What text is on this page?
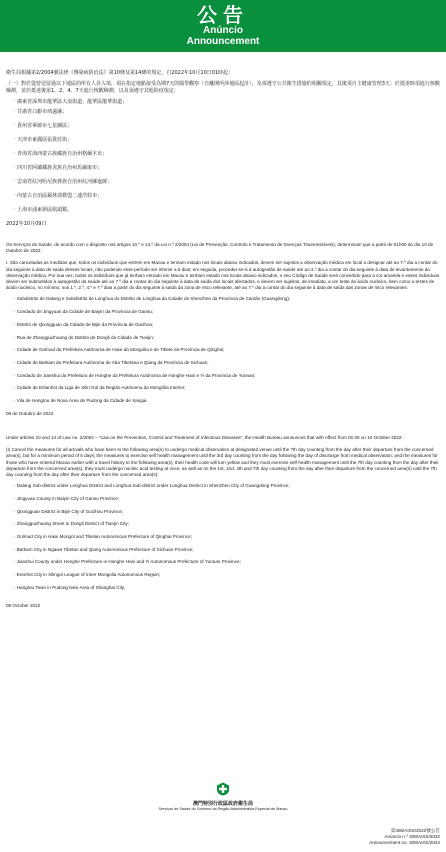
公告
Anúncio
Announcement

衛生局根據第2/2004號法律《傳染病防治法》第10條及第14條的規定，自2022年10月10日01時起：

（一）對於從曾逗留過以下地區的所有人員入境，須在指定地點接受為期7天的醫學觀察（自離開所涉地區起計），及須遵守公共衛生措施的相關規定，其後須自主健康管理3天；於抵達時須進行核酸檢測，並於抵達後第1、2、4、7天進行核酸檢測，以及須遵守其他防疫規定：

‧ 廣東省深圳市龍華區大浪街道、龍華區龍華街道；
‧ 甘肅省白銀市靖遠縣；
‧ 貴州省畢節市七星關區；
‧ 天津市東麗區張貴莊街；
‧ 青海省海西蒙古族藏族自治州格爾木市；
‧ 四川省阿壩藏族羌族自治州馬爾康市；
‧ 雲南省紅河哈尼族彝族自治州紅河縣迤薩；
‧ 內蒙古自治區錫林郭勒盟二連浩特市；
‧ 上海市浦東新區航頭鎮。
2022年10月09日

Os Serviços de Saúde, de acordo com o disposto nos artigos 10.º e 14.º da Lei n.º 2/2004 (Lei de Prevenção, Controlo e Tratamento de Doenças Transmissíveis), determinam que a partir de 01h00 do dia 10 de Outubro de 2022:

I. São canceladas as medidas que, todos os indivíduos que entrem em Macau e tenham estado nos locais abaixo indicados, devem ser sujeitos a observação médica em local a designar até ao 7.º dia a contar do dia seguinte à data de saída desses locais, não podendo esse período ser inferior a 5 dias; em seguida, proceder-se-á à autogestão de saúde até ao 3.º dia a contar do dia seguinte à data de levantamento da observação médica. Por sua vez, todos os indivíduos que já tenham entrado em Macau e tenham estado nos locais abaixo indicados, o seu Código de Saúde será convertido para a cor amarela e esses indivíduos devem ser submetidos à autogestão da saúde até ao 7.º dia a contar do dia seguinte à data de saída dos locais afectados, e devem ser sujeitos, de imediato, a um teste de ácido nucleico, bem como a testes de ácido nucleico, no mínimo, nos 1.º, 2.º, 4.º e 7.º dias a partir do dia seguinte à saída da zona de risco relevante, até ao 7.º dia a contar do dia seguinte à data de saída das zonas de risco relevantes:

‧ Subdistrito de Dalang e Subdistrito de Longhua do Distrito de Longhua da Cidade de Shenzhen da Província de Cantão (Guangdong);
‧ Condado de Jingyuan da Cidade de Baiyin da Província de Gansu;
‧ Distrito de Qixingguan da Cidade de Bijie da Província de Guizhou;
‧ Rua de Zhangguizhuang do Distrito de Dongli da Cidade de Tianjin;
‧ Cidade de Golmud da Prefeitura Autónoma de Haixi da Mongólia e do Tibete da Província de Qinghai;
‧ Cidade de Barkam da Prefeitura Autónoma de Aba Tibetana e Qiang da Província de Sichuan;
‧ Condado de Jianshui da Prefeitura de Honghe da Prefeitura Autónoma de Honghe Hani e Yi da Província de Yunnan;
‧ Cidade de Erlianhot da Liga de Xilin Gol da Região Autónoma da Mongólia Interior;
‧ Vila de Hangtou de Nova Área de Pudong da Cidade de Xangai.
09 de Outubro de 2022

Under articles 10 and 14 of Law no. 2/2004 – “Law on the Prevention, Control and Treatment of Infectious Diseases”, the Health Bureau announces that with effect from 01:00 on 10 October 2022:

(I) Cancel the measures for all arrivals who have been to the following area(s) to undergo medical observation at designated venue until the 7th day counting from the day after their departure from the concerned area(s), but for a minimum period of 5 days; the measures to exercise self health management until the 3rd day counting from the day following the day of discharge from medical observation; and the measures for those who have entered Macao earlier with a travel history to the following area(s), their health code will turn yellow and they must exercise self-health management until the 7th day counting from the day after their departure from the concerned area(s), they must undergo nucleic acid testing at once, as well as on the 1st, 2nd, 4th and 7th day counting from the day after their departure from the concerned area(s) until the 7th day counting from the day after their departure from the concerned area(s):

‧ Dalang Sub-district under Longhua District and Longhua Sub-district under Longhua District in Shenzhen City of Guangdong Province;
‧ Jingyuan County in Baiyin City of Gansu Province;
‧ Qixingguan District in Bijie City of Guizhou Province;
‧ Zhangguizhuang Street in Dongli District of Tianjin City;
‧ Golmud City in Haixi Mongol and Tibetan Autonomous Prefecture of Qinghai Province;
‧ Barkam City in Ngawa Tibetan and Qiang Autonomous Prefecture of Sichuan Province;
‧ Jianshui County under Honghe Prefecture in Honghe Hani and Yi Autonomous Prefecture of Yunnan Province;
‧ Erenhot City in Xilingol League of Inner Mongolia Autonomous Region;
‧ Hangtou Town in Pudong New Area of Shanghai City.
09 October 2022
澳門特別行政區政府衛生局
Serviços de Saúde do Governo da Região Administrativa Especial de Macau
第408/AISS/2022號公告
Anúncio n.º 408/AISS/2022
Announcement no. 408/AISS/2022
